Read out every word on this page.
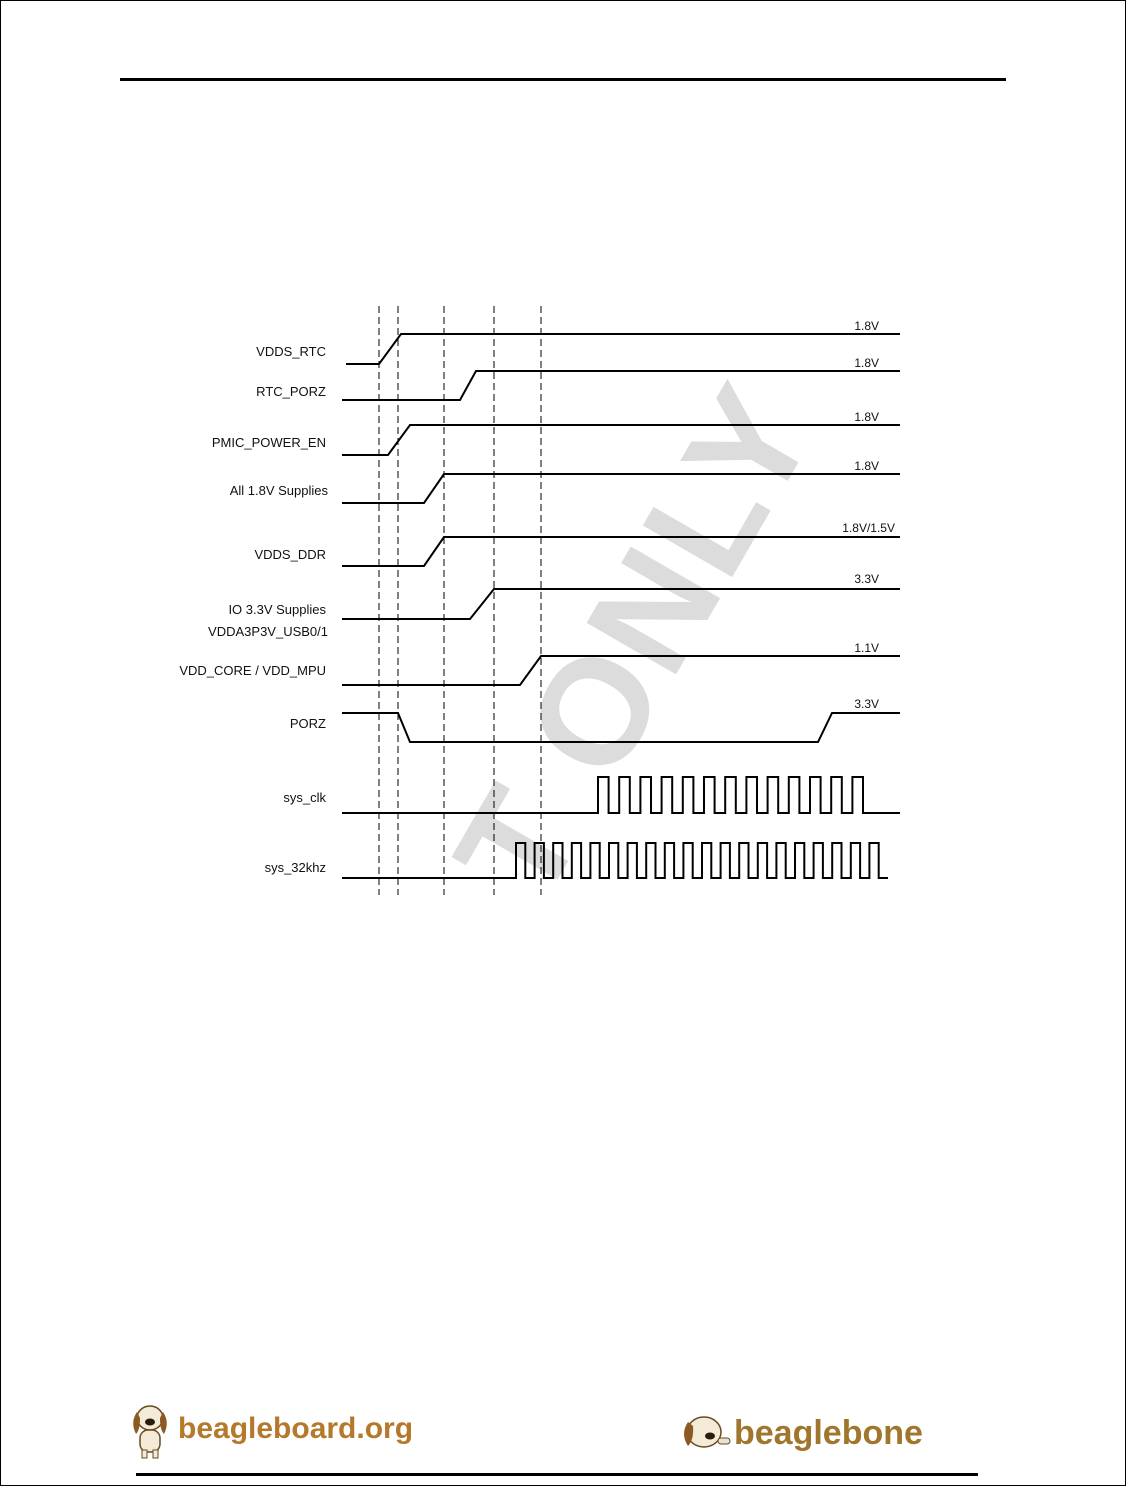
T ONLY
VDDS_RTC
RTC_PORZ
PMIC_POWER_EN
All 1.8V Supplies
VDDS_DDR
IO 3.3V Supplies
VDDA3P3V_USB0/1
VDD_CORE / VDD_MPU
PORZ
sys_clk
sys_32khz
1.8V
1.8V
1.8V
1.8V
1.8V/1.5V
3.3V
1.1V
3.3V
beagleboard.org	beaglebone
